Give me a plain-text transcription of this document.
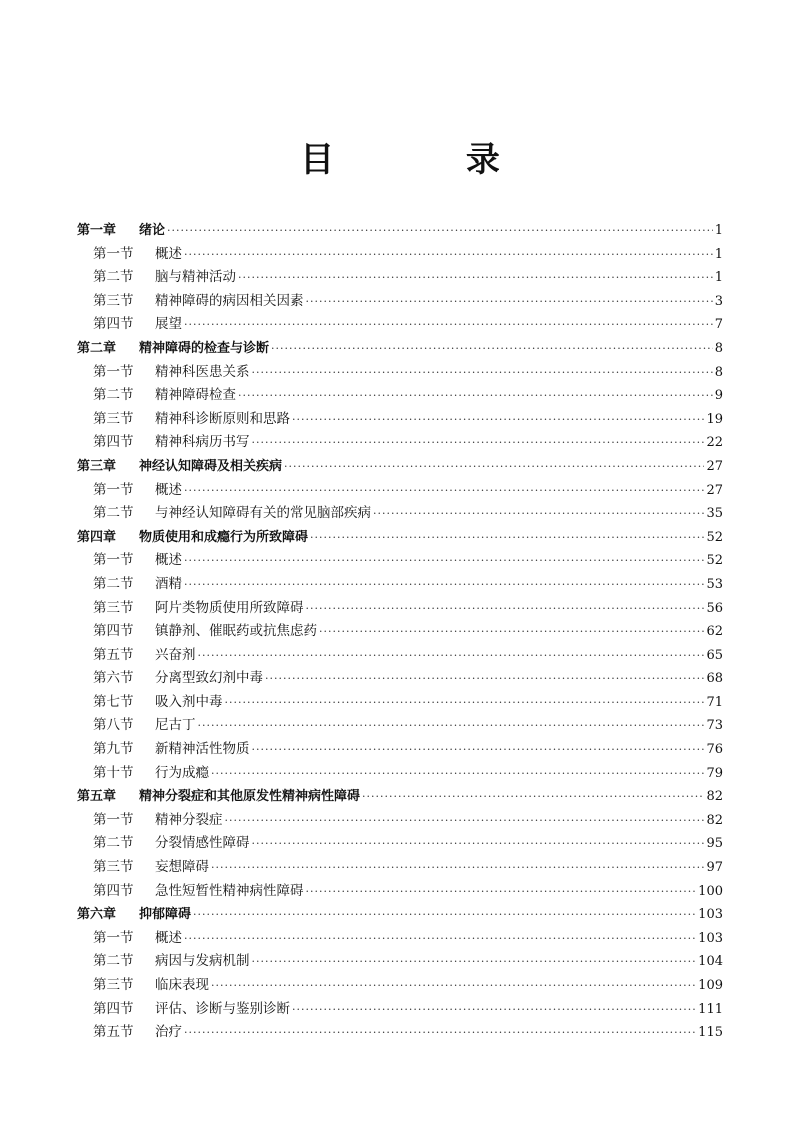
目 录
第一章	绪论 ·····	1
第一节	概述 ·····	1
第二节	脑与精神活动 ·····	1
第三节	精神障碍的病因相关因素 ·····	3
第四节	展望 ·····	7
第二章	精神障碍的检查与诊断 ·····	8
第一节	精神科医患关系 ·····	8
第二节	精神障碍检查 ·····	9
第三节	精神科诊断原则和思路 ·····	19
第四节	精神科病历书写 ·····	22
第三章	神经认知障碍及相关疾病 ·····	27
第一节	概述 ·····	27
第二节	与神经认知障碍有关的常见脑部疾病 ·····	35
第四章	物质使用和成瘾行为所致障碍 ·····	52
第一节	概述 ·····	52
第二节	酒精 ·····	53
第三节	阿片类物质使用所致障碍 ·····	56
第四节	镇静剂、催眠药或抗焦虑药 ·····	62
第五节	兴奋剂 ·····	65
第六节	分离型致幻剂中毒 ·····	68
第七节	吸入剂中毒 ·····	71
第八节	尼古丁 ·····	73
第九节	新精神活性物质 ·····	76
第十节	行为成瘾 ·····	79
第五章	精神分裂症和其他原发性精神病性障碍 ·····	82
第一节	精神分裂症 ·····	82
第二节	分裂情感性障碍 ·····	95
第三节	妄想障碍 ·····	97
第四节	急性短暂性精神病性障碍 ·····	100
第六章	抑郁障碍 ·····	103
第一节	概述 ·····	103
第二节	病因与发病机制 ·····	104
第三节	临床表现 ·····	109
第四节	评估、诊断与鉴别诊断 ·····	111
第五节	治疗 ·····	115
